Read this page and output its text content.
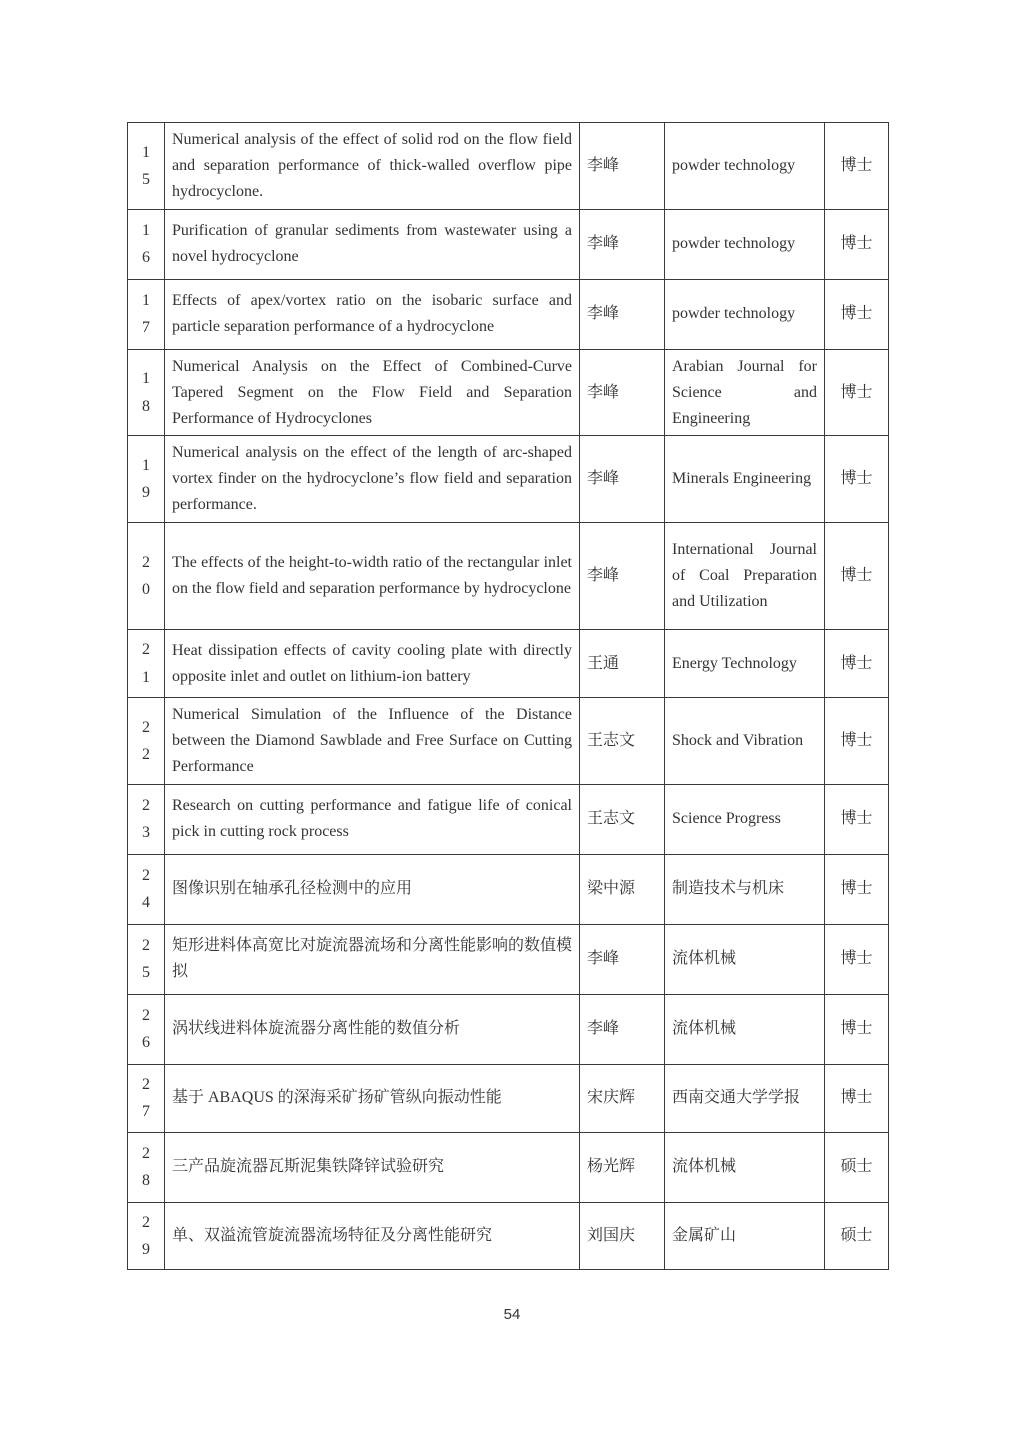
15	Numerical analysis of the effect of solid rod on the flow field and separation performance of thick-walled overflow pipe hydrocyclone.	李峰	powder technology	博士
16	Purification of granular sediments from wastewater using a novel hydrocyclone	李峰	powder technology	博士
17	Effects of apex/vortex ratio on the isobaric surface and particle separation performance of a hydrocyclone	李峰	powder technology	博士
18	Numerical Analysis on the Effect of Combined-Curve Tapered Segment on the Flow Field and Separation Performance of Hydrocyclones	李峰	Arabian Journal for Science and Engineering	博士
19	Numerical analysis on the effect of the length of arc-shaped vortex finder on the hydrocyclone’s flow field and separation performance.	李峰	Minerals Engineering	博士
20	The effects of the height-to-width ratio of the rectangular inlet on the flow field and separation performance by hydrocyclone	李峰	International Journal of Coal Preparation and Utilization	博士
21	Heat dissipation effects of cavity cooling plate with directly opposite inlet and outlet on lithium-ion battery	王通	Energy Technology	博士
22	Numerical Simulation of the Influence of the Distance between the Diamond Sawblade and Free Surface on Cutting Performance	王志文	Shock and Vibration	博士
23	Research on cutting performance and fatigue life of conical pick in cutting rock process	王志文	Science Progress	博士
24	图像识别在轴承孔径检测中的应用	梁中源	制造技术与机床	博士
25	矩形进料体高宽比对旋流器流场和分离性能影响的数值模拟	李峰	流体机械	博士
26	涡状线进料体旋流器分离性能的数值分析	李峰	流体机械	博士
27	基于 ABAQUS 的深海采矿扬矿管纵向振动性能	宋庆辉	西南交通大学学报	博士
28	三产品旋流器瓦斯泥集铁降锌试验研究	杨光辉	流体机械	硕士
29	单、双溢流管旋流器流场特征及分离性能研究	刘国庆	金属矿山	硕士
54
